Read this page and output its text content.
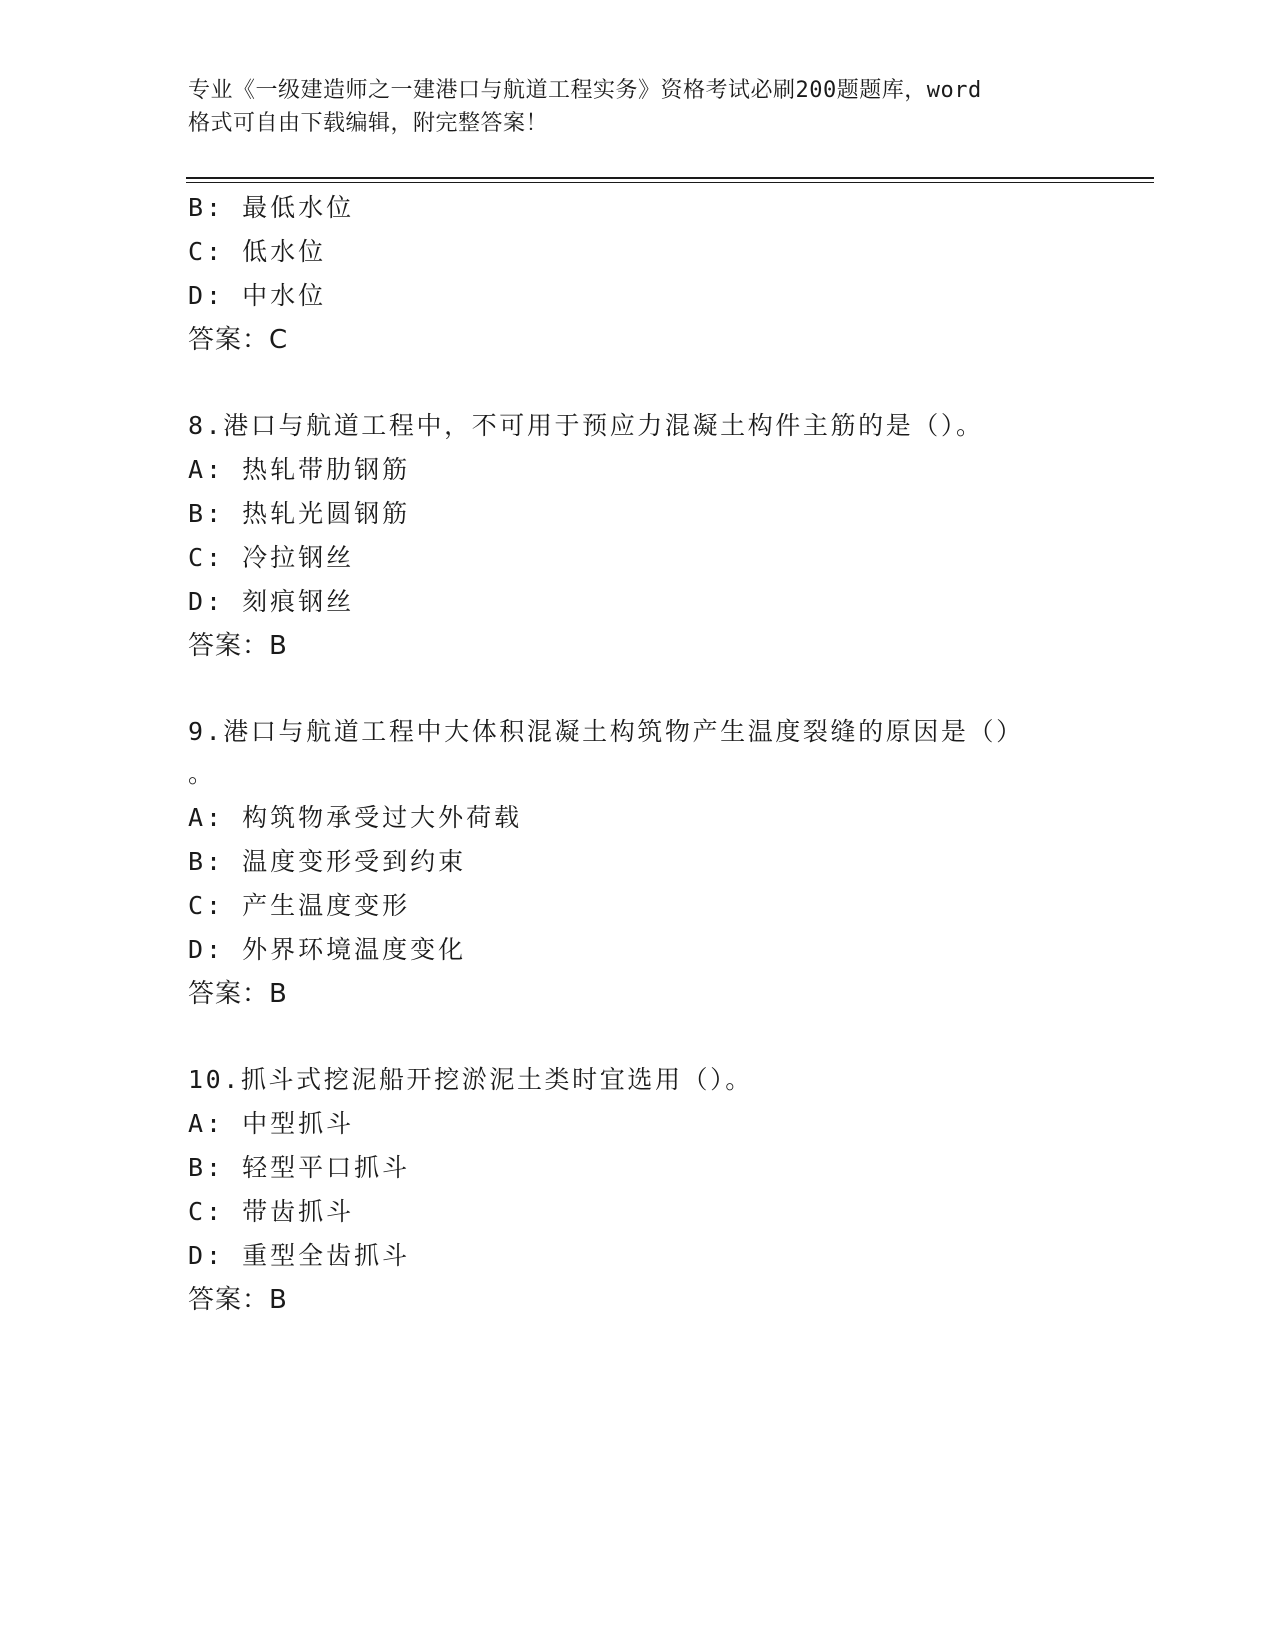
专业《一级建造师之一建港口与航道工程实务》资格考试必刷200题题库，word
格式可自由下载编辑，附完整答案！
B: 最低水位
C: 低水位
D: 中水位
答案：C
8.港口与航道工程中，不可用于预应力混凝土构件主筋的是（）。
A: 热轧带肋钢筋
B: 热轧光圆钢筋
C: 冷拉钢丝
D: 刻痕钢丝
答案：B
9.港口与航道工程中大体积混凝土构筑物产生温度裂缝的原因是（）
。
A: 构筑物承受过大外荷载
B: 温度变形受到约束
C: 产生温度变形
D: 外界环境温度变化
答案：B
10.抓斗式挖泥船开挖淤泥土类时宜选用（）。
A: 中型抓斗
B: 轻型平口抓斗
C: 带齿抓斗
D: 重型全齿抓斗
答案：B
